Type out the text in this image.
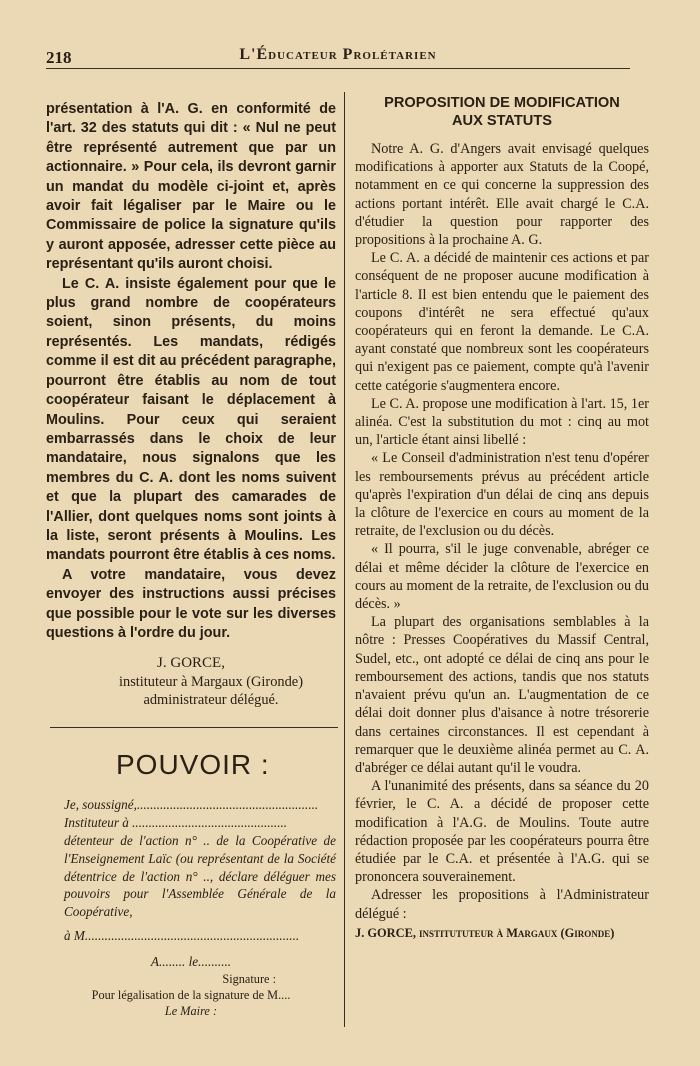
218	L'Éducateur Prolétarien

présentation à l'A. G. en conformité de l'art. 32 des statuts qui dit : « Nul ne peut être représenté autrement que par un actionnaire. » Pour cela, ils devront garnir un mandat du modèle ci-joint et, après avoir fait légaliser par le Maire ou le Commissaire de police la signature qu'ils y auront apposée, adresser cette pièce au représentant qu'ils auront choisi.

Le C. A. insiste également pour que le plus grand nombre de coopérateurs soient, sinon présents, du moins représentés. Les mandats, rédigés comme il est dit au précédent paragraphe, pourront être établis au nom de tout coopérateur faisant le déplacement à Moulins. Pour ceux qui seraient embarrassés dans le choix de leur mandataire, nous signalons que les membres du C. A. dont les noms suivent et que la plupart des camarades de l'Allier, dont quelques noms sont joints à la liste, seront présents à Moulins. Les mandats pourront être établis à ces noms.

A votre mandataire, vous devez envoyer des instructions aussi précises que possible pour le vote sur les diverses questions à l'ordre du jour.

J. GORCE,

instituteur à Margaux (Gironde)

administrateur délégué.

POUVOIR :

Je, soussigné,.......................................................

Instituteur à ...............................................

détenteur de l'action n° .. de la Coopérative de l'Enseignement Laïc (ou représentant de la Société détentrice de l'action n° .., déclare déléguer mes pouvoirs pour l'Assemblée Générale de la Coopérative,

à M.................................................................

A........ le..........

Signature :

Pour légalisation de la signature de M....

Le Maire :

PROPOSITION DE MODIFICATION
AUX STATUTS

Notre A. G. d'Angers avait envisagé quelques modifications à apporter aux Statuts de la Coopé, notamment en ce qui concerne la suppression des actions portant intérêt. Elle avait chargé le C.A. d'étudier la question pour rapporter des propositions à la prochaine A. G.

Le C. A. a décidé de maintenir ces actions et par conséquent de ne proposer aucune modification à l'article 8. Il est bien entendu que le paiement des coupons d'intérêt ne sera effectué qu'aux coopérateurs qui en feront la demande. Le C.A. ayant constaté que nombreux sont les coopérateurs qui n'exigent pas ce paiement, compte qu'à l'avenir cette catégorie s'augmentera encore.

Le C. A. propose une modification à l'art. 15, 1er alinéa. C'est la substitution du mot : cinq au mot un, l'article étant ainsi libellé :

« Le Conseil d'administration n'est tenu d'opérer les remboursements prévus au précédent article qu'après l'expiration d'un délai de cinq ans depuis la clôture de l'exercice en cours au moment de la retraite, de l'exclusion ou du décès.

« Il pourra, s'il le juge convenable, abréger ce délai et même décider la clôture de l'exercice en cours au moment de la retraite, de l'exclusion ou du décès. »

La plupart des organisations semblables à la nôtre : Presses Coopératives du Massif Central, Sudel, etc., ont adopté ce délai de cinq ans pour le remboursement des actions, tandis que nos statuts n'avaient prévu qu'un an. L'augmentation de ce délai doit donner plus d'aisance à notre trésorerie dans certaines circonstances. Il est cependant à remarquer que le deuxième alinéa permet au C. A. d'abréger ce délai autant qu'il le voudra.

A l'unanimité des présents, dans sa séance du 20 février, le C. A. a décidé de proposer cette modification à l'A.G. de Moulins. Toute autre rédaction proposée par les coopérateurs pourra être étudiée par le C.A. et présentée à l'A.G. qui se prononcera souverainement.

Adresser les propositions à l'Administrateur délégué :

J. GORCE, institututeur à Margaux (Gironde)
